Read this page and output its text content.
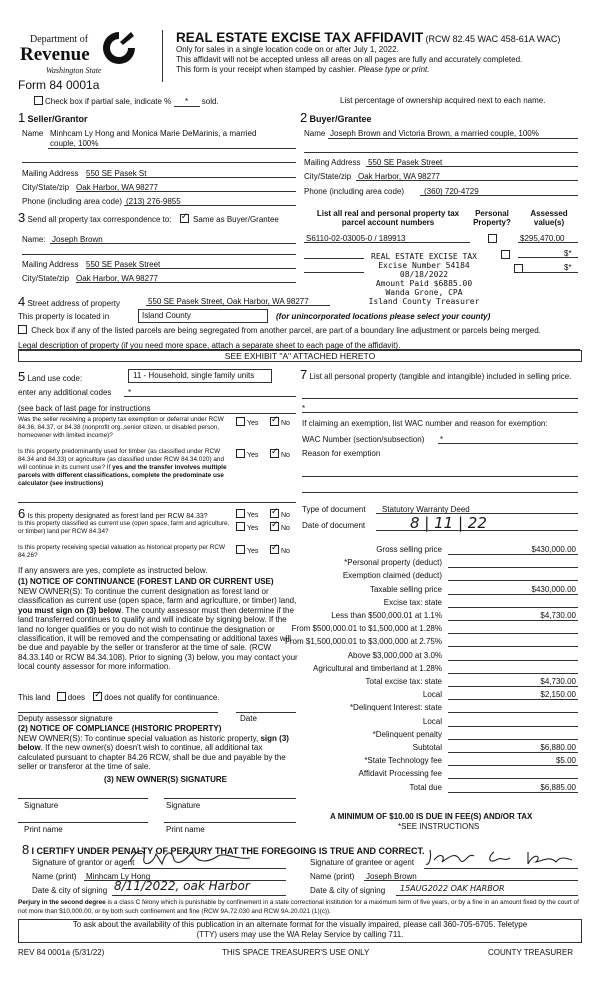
Department of
Revenue
Washington State
Form 84 0001a
REAL ESTATE EXCISE TAX AFFIDAVIT (RCW 82.45 WAC 458-61A WAC)
Only for sales in a single location code on or after July 1, 2022.
This affidavit will not be accepted unless all areas on all pages are fully and accurately completed.
This form is your receipt when stamped by cashier. Please type or print.
Check box if partial sale, indicate % * sold.	List percentage of ownership acquired next to each name.
1 Seller/Grantor
Name Minhcam Ly Hong and Monica Marie DeMarinis, a married
couple, 100%
Mailing Address 550 SE Pasek St
City/State/zip Oak Harbor, WA 98277
Phone (including area code) (213) 276-9855
2 Buyer/Grantee
Name Joseph Brown and Victoria Brown, a married couple, 100%
Mailing Address 550 SE Pasek Street
City/State/zip Oak Harbor, WA 98277
Phone (including area code) (360) 720-4729
3 Send all property tax correspondence to: ✓	Same as Buyer/Grantee
Name: Joseph Brown
Mailing Address 550 SE Pasek Street
City/State/zip Oak Harbor, WA 98277
List all real and personal property tax
parcel account numbers
Personal
Property?
Assessed
value(s)
S6110-02-03005-0 / 189913
	$295,470.00

$*
$*
REAL ESTATE EXCISE TAX
Excise Number 54184
08/18/2022
Amount Paid $6885.00
Wanda Grone, CPA
Island County Treasurer
4 Street address of property	550 SE Pasek Street, Oak Harbor, WA 98277
This property is located in	Island County	(for unincorporated locations please select your county)
Check box if any of the listed parcels are being segregated from another parcel, are part of a boundary line adjustment or parcels being merged.
Legal description of property (if you need more space, attach a separate sheet to each page of the affidavit).
SEE EXHIBIT "A" ATTACHED HERETO
5 Land use code:	11 - Household, single family units
enter any additional codes *
(see back of last page for instructions
Was the seller receiving a property tax exemption or deferral under RCW 84.36, 84.37, or 84.38 (nonprofit org.,senior citizen, or disabled person, homeowner with limited income)?
Yes ✓	No
Is this property predominantly used for timber (as classified under RCW 84.34 and 84.33) or agriculture (as classified under RCW 84.34.020) and will continue in its current use? If yes and the transfer involves multiple parcels with different classifications, complete the predominate use calculator (see instructions)
Yes ✓	No
6 Is this property designated as forest land per RCW 84.33?	Yes ✓	No
Is this property classified as current use (open space, farm and agriculture, or timber) land per RCW 84.34?	Yes ✓	No
Is this property receiving special valuation as historical property per RCW 84.26?
Yes ✓	No
If any answers are yes, complete as instructed below.
(1) NOTICE OF CONTINUANCE (FOREST LAND OR CURRENT USE)
NEW OWNER(S): To continue the current designation as forest land or classification as current use (open space, farm and agriculture, or timber) land, you must sign on (3) below. The county assessor must then determine if the land transferred continues to qualify and will indicate by signing below. If the land no longer qualifies or you do not wish to continue the designation or classification, it will be removed and the compensating or additional taxes will be due and payable by the seller or transferor at the time of sale. (RCW 84.33.140 or RCW 84.34.108). Prior to signing (3) below, you may contact your local county assessor for more information.
This land does ✓ does not qualify for continuance.
Deputy assessor signature	Date
(2) NOTICE OF COMPLIANCE (HISTORIC PROPERTY)
NEW OWNER(S): To continue special valuation as historic property, sign (3) below. If the new owner(s) doesn't wish to continue, all additional tax calculated pursuant to chapter 84.26 RCW, shall be due and payable by the seller or transferor at the time of sale.
(3) NEW OWNER(S) SIGNATURE
Signature	Signature
Print name	Print name
7 List all personal property (tangible and intangible) included in selling price.
*
If claiming an exemption, list WAC number and reason for exemption:
WAC Number (section/subsection) *
Reason for exemption
Type of document Statutory Warranty Deed
Date of document	8 | 11 | 22
Gross selling price	$430,000.00
*Personal property (deduct)
Exemption claimed (deduct)
Taxable selling price	$430,000.00
Excise tax: state
Less than $500,000.01 at 1.1%	$4,730.00
From $500,000.01 to $1,500,000 at 1.28%
From $1,500,000.01 to $3,000,000 at 2.75%
Above $3,000,000 at 3.0%
Agricultural and timberland at 1.28%
Total excise tax: state	$4,730.00
Local	$2,150.00
*Delinquent Interest: state
Local
*Delinquent penalty
Subtotal	$6,880.00
*State Technology fee	$5.00
Affidavit Processing fee
Total due	$6,885.00
A MINIMUM OF $10.00 IS DUE IN FEE(S) AND/OR TAX
*SEE INSTRUCTIONS
8 I CERTIFY UNDER PENALTY OF PERJURY THAT THE FOREGOING IS TRUE AND CORRECT.
Signature of grantor or agent
Name (print) Minhcam Ly Hong
Date & city of signing 8/11/2022, oak Harbor
Signature of grantee or agent
Name (print) Joseph Brown
Date & city of signing 15AUG2022 OAK HARBOR
Perjury in the second degree is a class C felony which is punishable by confinement in a state correctional institution for a maximum term of five years, or by a fine in an amount fixed by the court of not more than $10,000.00, or by both such confinement and fine (RCW 9A.72.030 and RCW 9A.20.021 (1)(c)).
To ask about the availability of this publication in an alternate format for the visually impaired, please call 360-705-6705. Teletype
(TTY) users may use the WA Relay Service by calling 711.
REV 84 0001a (5/31/22)	THIS SPACE TREASURER'S USE ONLY	COUNTY TREASURER
